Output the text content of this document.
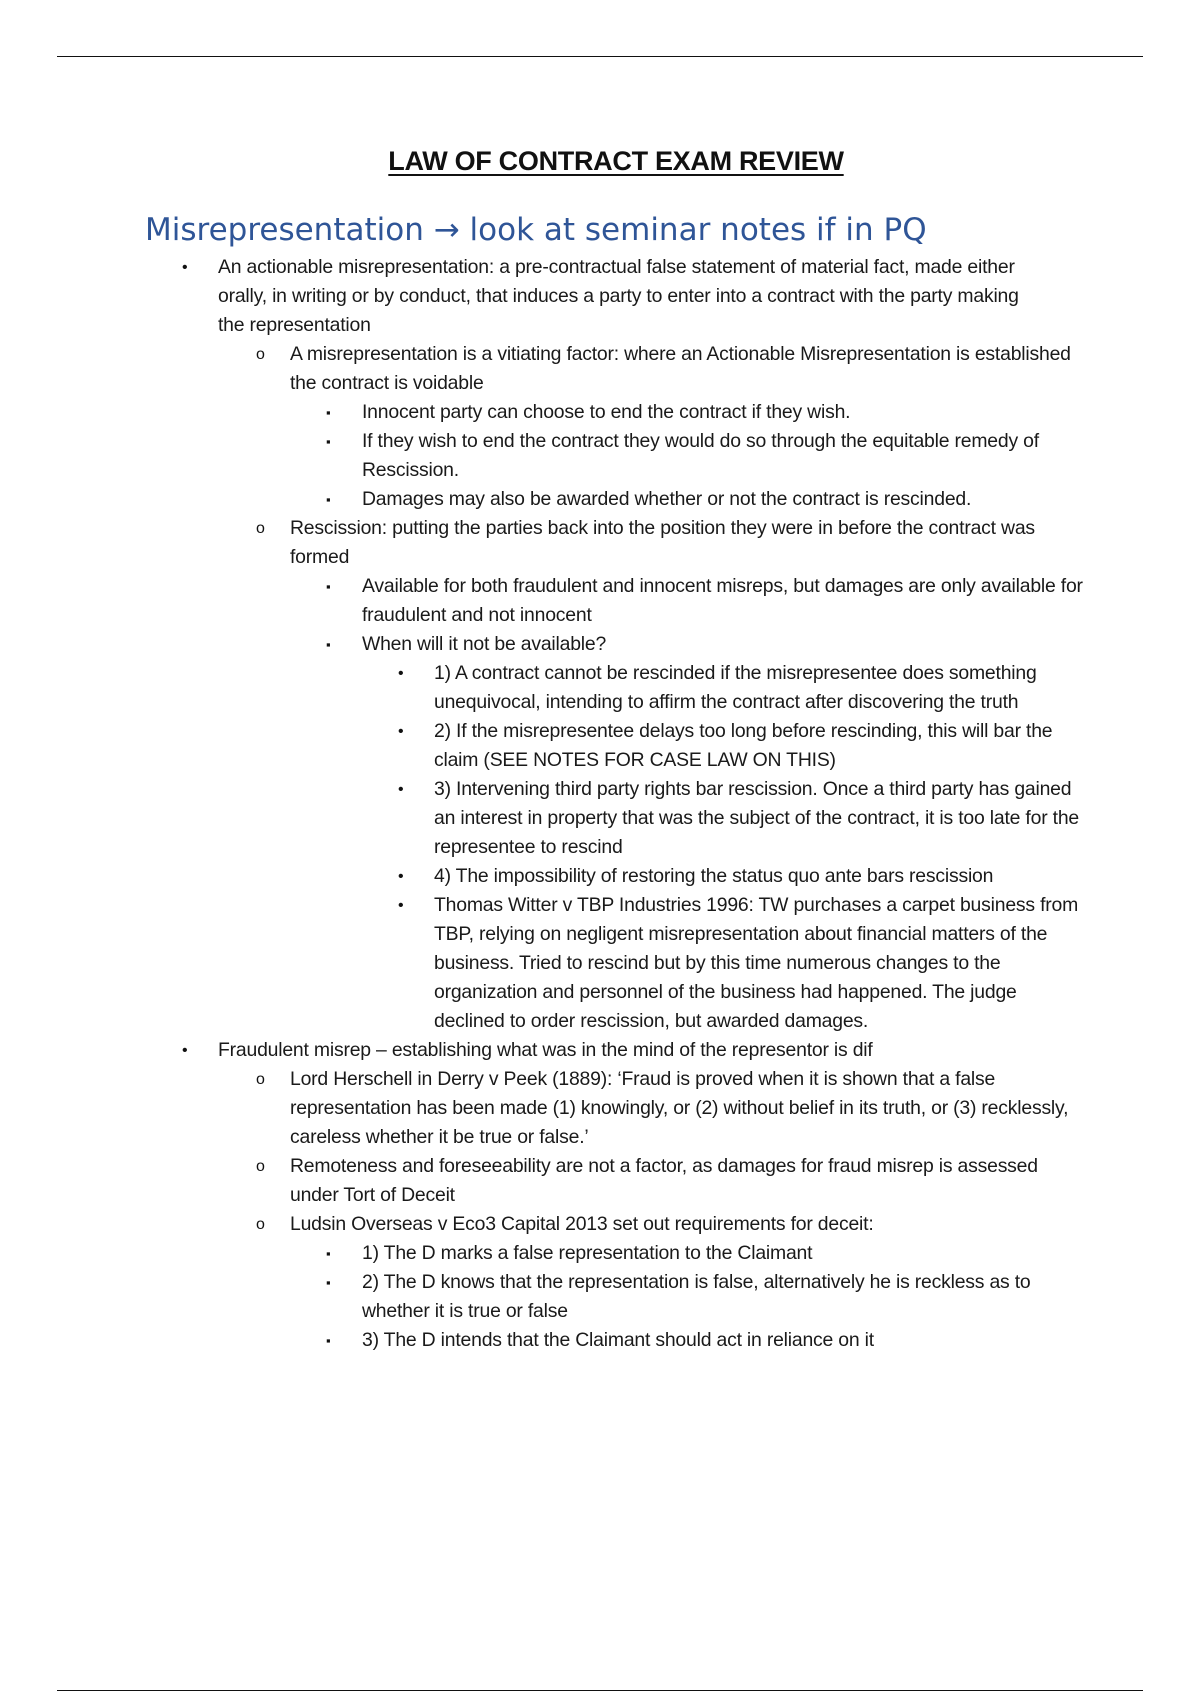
LAW OF CONTRACT EXAM REVIEW
Misrepresentation → look at seminar notes if in PQ
• An actionable misrepresentation: a pre-contractual false statement of material fact, made either orally, in writing or by conduct, that induces a party to enter into a contract with the party making the representation
o A misrepresentation is a vitiating factor: where an Actionable Misrepresentation is established the contract is voidable
▪ Innocent party can choose to end the contract if they wish.
▪ If they wish to end the contract they would do so through the equitable remedy of Rescission.
▪ Damages may also be awarded whether or not the contract is rescinded.
o Rescission: putting the parties back into the position they were in before the contract was formed
▪ Available for both fraudulent and innocent misreps, but damages are only available for fraudulent and not innocent
▪ When will it not be available?
• 1) A contract cannot be rescinded if the misrepresentee does something unequivocal, intending to affirm the contract after discovering the truth
• 2) If the misrepresentee delays too long before rescinding, this will bar the claim (SEE NOTES FOR CASE LAW ON THIS)
• 3) Intervening third party rights bar rescission. Once a third party has gained an interest in property that was the subject of the contract, it is too late for the representee to rescind
• 4) The impossibility of restoring the status quo ante bars rescission
• Thomas Witter v TBP Industries 1996: TW purchases a carpet business from TBP, relying on negligent misrepresentation about financial matters of the business. Tried to rescind but by this time numerous changes to the organization and personnel of the business had happened. The judge declined to order rescission, but awarded damages.
• Fraudulent misrep – establishing what was in the mind of the representor is dif
o Lord Herschell in Derry v Peek (1889): ‘Fraud is proved when it is shown that a false representation has been made (1) knowingly, or (2) without belief in its truth, or (3) recklessly, careless whether it be true or false.’
o Remoteness and foreseeability are not a factor, as damages for fraud misrep is assessed under Tort of Deceit
o Ludsin Overseas v Eco3 Capital 2013 set out requirements for deceit:
▪ 1) The D marks a false representation to the Claimant
▪ 2) The D knows that the representation is false, alternatively he is reckless as to whether it is true or false
▪ 3) The D intends that the Claimant should act in reliance on it
